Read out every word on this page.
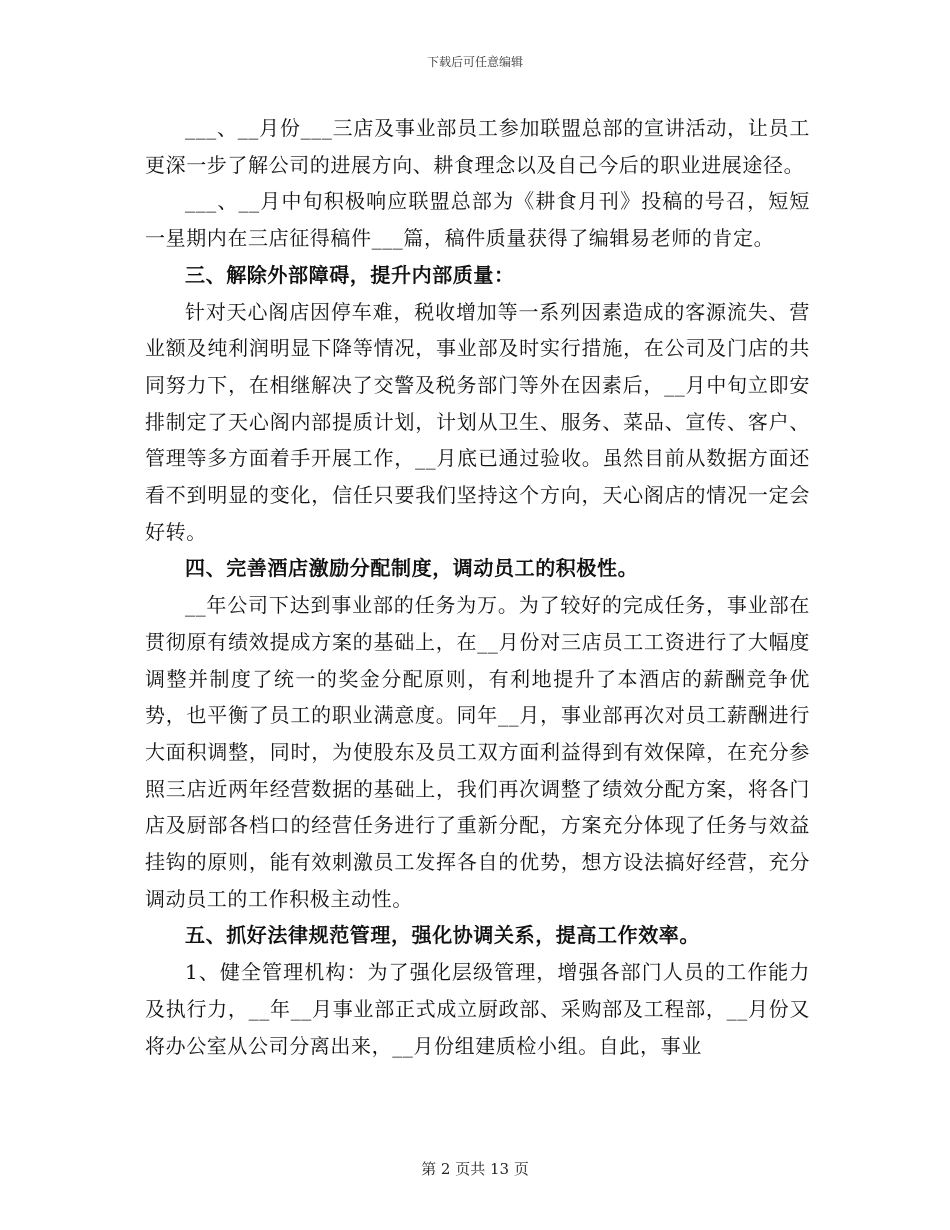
下载后可任意编辑

___、__月份___三店及事业部员工参加联盟总部的宣讲活动，让员工更深一步了解公司的进展方向、耕食理念以及自己今后的职业进展途径。

___、__月中旬积极响应联盟总部为《耕食月刊》投稿的号召，短短一星期内在三店征得稿件___篇，稿件质量获得了编辑易老师的肯定。

三、解除外部障碍，提升内部质量：

针对天心阁店因停车难，税收增加等一系列因素造成的客源流失、营业额及纯利润明显下降等情况，事业部及时实行措施，在公司及门店的共同努力下，在相继解决了交警及税务部门等外在因素后，__月中旬立即安排制定了天心阁内部提质计划，计划从卫生、服务、菜品、宣传、客户、管理等多方面着手开展工作，__月底已通过验收。虽然目前从数据方面还看不到明显的变化，信任只要我们坚持这个方向，天心阁店的情况一定会好转。

四、完善酒店激励分配制度，调动员工的积极性。

__年公司下达到事业部的任务为万。为了较好的完成任务，事业部在贯彻原有绩效提成方案的基础上，在__月份对三店员工工资进行了大幅度调整并制度了统一的奖金分配原则，有利地提升了本酒店的薪酬竞争优势，也平衡了员工的职业满意度。同年__月，事业部再次对员工薪酬进行大面积调整，同时，为使股东及员工双方面利益得到有效保障，在充分参照三店近两年经营数据的基础上，我们再次调整了绩效分配方案，将各门店及厨部各档口的经营任务进行了重新分配，方案充分体现了任务与效益挂钩的原则，能有效刺激员工发挥各自的优势，想方设法搞好经营，充分调动员工的工作积极主动性。

五、抓好法律规范管理，强化协调关系，提高工作效率。

1、健全管理机构：为了强化层级管理，增强各部门人员的工作能力及执行力，__年__月事业部正式成立厨政部、采购部及工程部，__月份又将办公室从公司分离出来，__月份组建质检小组。自此，事业

第 2 页共 13 页
